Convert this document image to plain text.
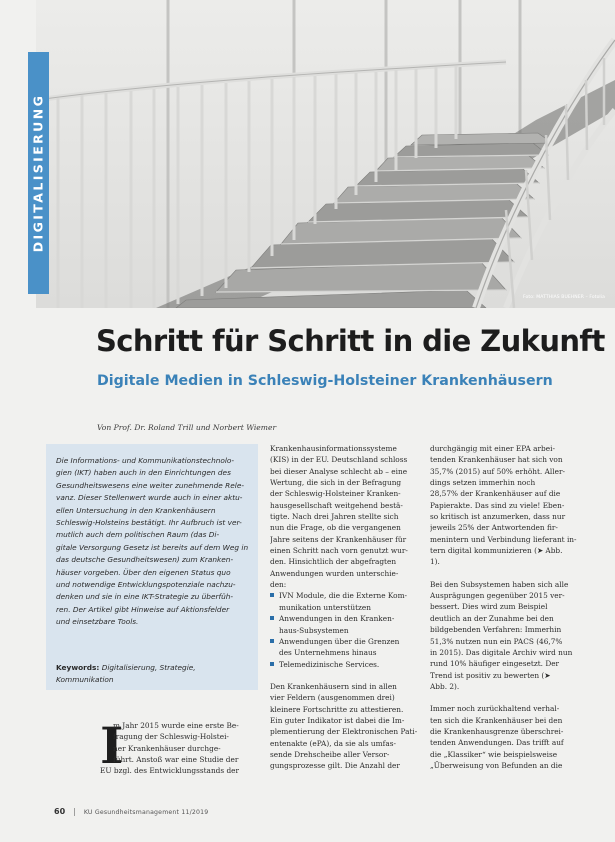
Foto: MATTHIAS BUEHNER – Fotolia
DIGITALISIERUNG
Schritt für Schritt in die Zukunft
Digitale Medien in Schleswig-Holsteiner Krankenhäusern
Von Prof. Dr. Roland Trill und Norbert Wiemer
Die Informations- und Kommunikationstechnolo-
gien (IKT) haben auch in den Einrichtungen des
Gesundheitswesens eine weiter zunehmende Rele-
vanz. Dieser Stellenwert wurde auch in einer aktu-
ellen Untersuchung in den Krankenhäusern
Schleswig-Holsteins bestätigt. Ihr Aufbruch ist ver-
mutlich auch dem politischen Raum (das Di-
gitale Versorgung Gesetz ist bereits auf dem Weg in
das deutsche Gesundheitswesen) zum Kranken-
häuser vorgeben. Über den eigenen Status quo
und notwendige Entwicklungspotenziale nachzu-
denken und sie in eine IKT-Strategie zu überfüh-
ren. Der Artikel gibt Hinweise auf Aktionsfelder
und einsetzbare Tools.
Keywords: Digitalisierung, Strategie,
Kommunikation
I
m Jahr 2015 wurde eine erste Be-
fragung der Schleswig-Holstei-
ner Krankenhäuser durchge-
führt. Anstoß war eine Studie der
EU bzgl. des Entwicklungsstands der
Krankenhausinformationssysteme
(KIS) in der EU. Deutschland schloss
bei dieser Analyse schlecht ab – eine
Wertung, die sich in der Befragung
der Schleswig-Holsteiner Kranken-
hausgesellschaft weitgehend bestä-
tigte. Nach drei Jahren stellte sich
nun die Frage, ob die vergangenen
Jahre seitens der Krankenhäuser für
einen Schritt nach vorn genutzt wur-
den. Hinsichtlich der abgefragten
Anwendungen wurden unterschie-
den:
IVN Module, die die Externe Kom-
munikation unterstützen
Anwendungen in den Kranken-
haus-Subsystemen
Anwendungen über die Grenzen
des Unternehmens hinaus
Telemedizinische Services.
Den Krankenhäusern sind in allen
vier Feldern (ausgenommen drei)
kleinere Fortschritte zu attestieren.
Ein guter Indikator ist dabei die Im-
plementierung der Elektronischen Pati-
entenakte (ePA), da sie als umfas-
sende Drehscheibe aller Versor-
gungsprozesse gilt. Die Anzahl der
durchgängig mit einer EPA arbei-
tenden Krankenhäuser hat sich von
35,7% (2015) auf 50% erhöht. Aller-
dings setzen immerhin noch
28,57% der Krankenhäuser auf die
Papierakte. Das sind zu viele! Eben-
so kritisch ist anzumerken, dass nur
jeweils 25% der Antwortenden fir-
menintern und Verbindung lieferant in-
tern digital kommunizieren (➤ Abb.
1).
Bei den Subsystemen haben sich alle
Ausprägungen gegenüber 2015 ver-
bessert. Dies wird zum Beispiel
deutlich an der Zunahme bei den
bildgebenden Verfahren: Immerhin
51,3% nutzen nun ein PACS (46,7%
in 2015). Das digitale Archiv wird nun
rund 10% häufiger eingesetzt. Der
Trend ist positiv zu bewerten (➤
Abb. 2).
Immer noch zurückhaltend verhal-
ten sich die Krankenhäuser bei den
die Krankenhausgrenze überschrei-
tenden Anwendungen. Das trifft auf
die „Klassiker“ wie beispielsweise
„Überweisung von Befunden an die
60 | KU Gesundheitsmanagement 11/2019
